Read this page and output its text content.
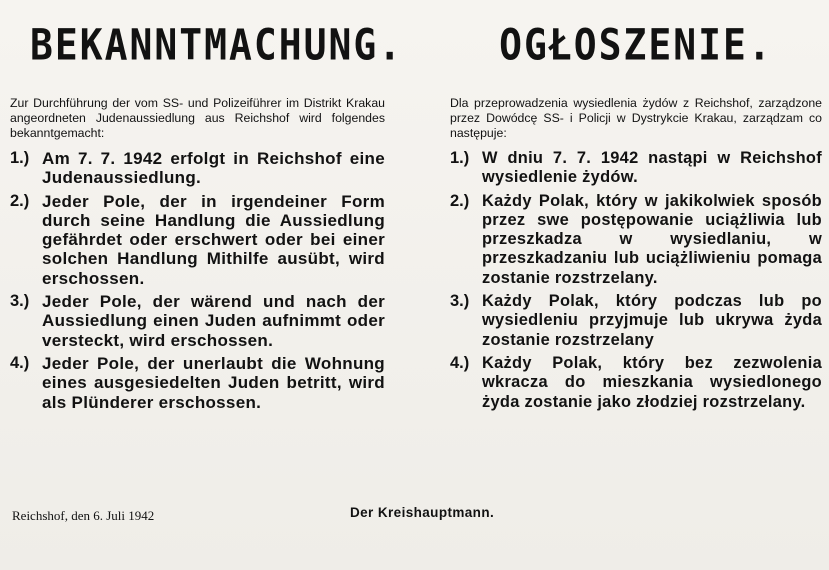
BEKANNTMACHUNG.
Zur Durchführung der vom SS- und Polizeiführer im Distrikt Krakau angeordneten Judenaussiedlung aus Reichshof wird folgendes bekanntgemacht:
1.) Am 7. 7. 1942 erfolgt in Reichshof eine Judenaussiedlung.
2.) Jeder Pole, der in irgendeiner Form durch seine Handlung die Aussiedlung gefährdet oder erschwert oder bei einer solchen Handlung Mithilfe ausübt, wird erschossen.
3.) Jeder Pole, der wärend und nach der Aussiedlung einen Juden aufnimmt oder versteckt, wird erschossen.
4.) Jeder Pole, der unerlaubt die Wohnung eines ausgesiedelten Juden betritt, wird als Plünderer erschossen.
OGŁOSZENIE.
Dla przeprowadzenia wysiedlenia żydów z Reichshof, zarządzone przez Dowódcę SS- i Policji w Dystrykcie Krakau, zarządzam co następuje:
1.) W dniu 7. 7. 1942 nastąpi w Reichshof wysiedlenie żydów.
2.) Każdy Polak, który w jakikolwiek sposób przez swe postępowanie uciążliwia lub przeszkadza w wysiedlaniu, w przeszkadzaniu lub uciążliwieniu pomaga zostanie rozstrzelany.
3.) Każdy Polak, który podczas lub po wysiedleniu przyjmuje lub ukrywa żyda zostanie rozstrzelany
4.) Każdy Polak, który bez zezwolenia wkracza do mieszkania wysiedlonego żyda zostanie jako złodziej rozstrzelany.
Reichshof, den 6. Juli 1942	Der Kreishauptmann.
